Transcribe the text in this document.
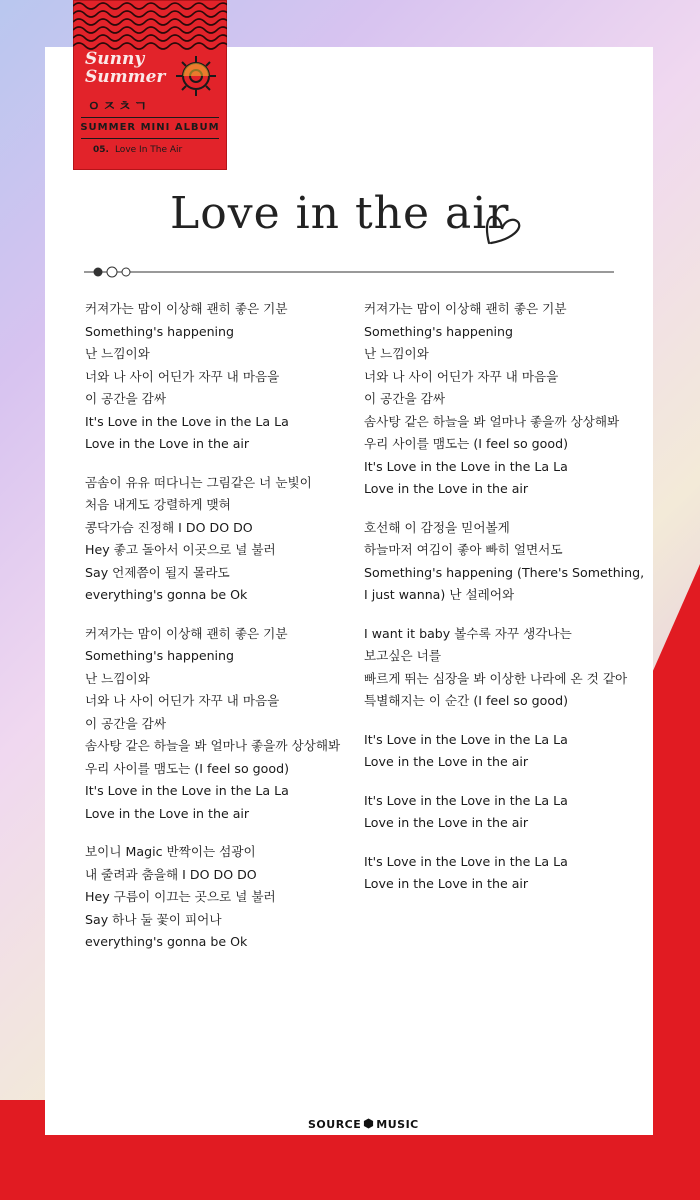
Sunny
Summer
ㅇㅈㅊㄱ
SUMMER MINI ALBUM
05. Love In The Air
Love in the air
커져가는 맘이 이상해 괜히 좋은 기분
Something's happening
난 느낌이와
너와 나 사이 어딘가 자꾸 내 마음을
이 공간을 감싸
It's Love in the Love in the La La
Love in the Love in the air
곰솜이 유유 떠다니는 그림같은 너 눈빛이
처음 내게도 강렬하게 맺혀
콩닥가슴 진정해 I DO DO DO
Hey 좋고 돌아서 이곳으로 널 불러
Say 언제쯤이 될지 몰라도
everything's gonna be Ok
커져가는 맘이 이상해 괜히 좋은 기분
Something's happening
난 느낌이와
너와 나 사이 어딘가 자꾸 내 마음을
이 공간을 감싸
솜사탕 같은 하늘을 봐 얼마나 좋을까 상상해봐
우리 사이를 맴도는 (I feel so good)
It's Love in the Love in the La La
Love in the Love in the air
보이니 Magic 반짝이는 섬광이
내 줄려과 춤을해 I DO DO DO
Hey 구름이 이끄는 곳으로 널 불러
Say 하나 둘 꽃이 피어나
everything's gonna be Ok
커져가는 맘이 이상해 괜히 좋은 기분
Something's happening
난 느낌이와
너와 나 사이 어딘가 자꾸 내 마음을
이 공간을 감싸
솜사탕 같은 하늘을 봐 얼마나 좋을까 상상해봐
우리 사이를 맴도는 (I feel so good)
It's Love in the Love in the La La
Love in the Love in the air
호선해 이 감정을 믿어볼게
하늘마저 여김이 좋아 빠히 얼면서도
Something's happening (There's Something,
I just wanna) 난 설레어와
I want it baby 볼수록 자꾸 생각나는
보고싶은 너를
빠르게 뛰는 심장을 봐 이상한 나라에 온 것 같아
특별해지는 이 순간 (I feel so good)
It's Love in the Love in the La La
Love in the Love in the air
It's Love in the Love in the La La
Love in the Love in the air
It's Love in the Love in the La La
Love in the Love in the air
SOURCE MUSIC
